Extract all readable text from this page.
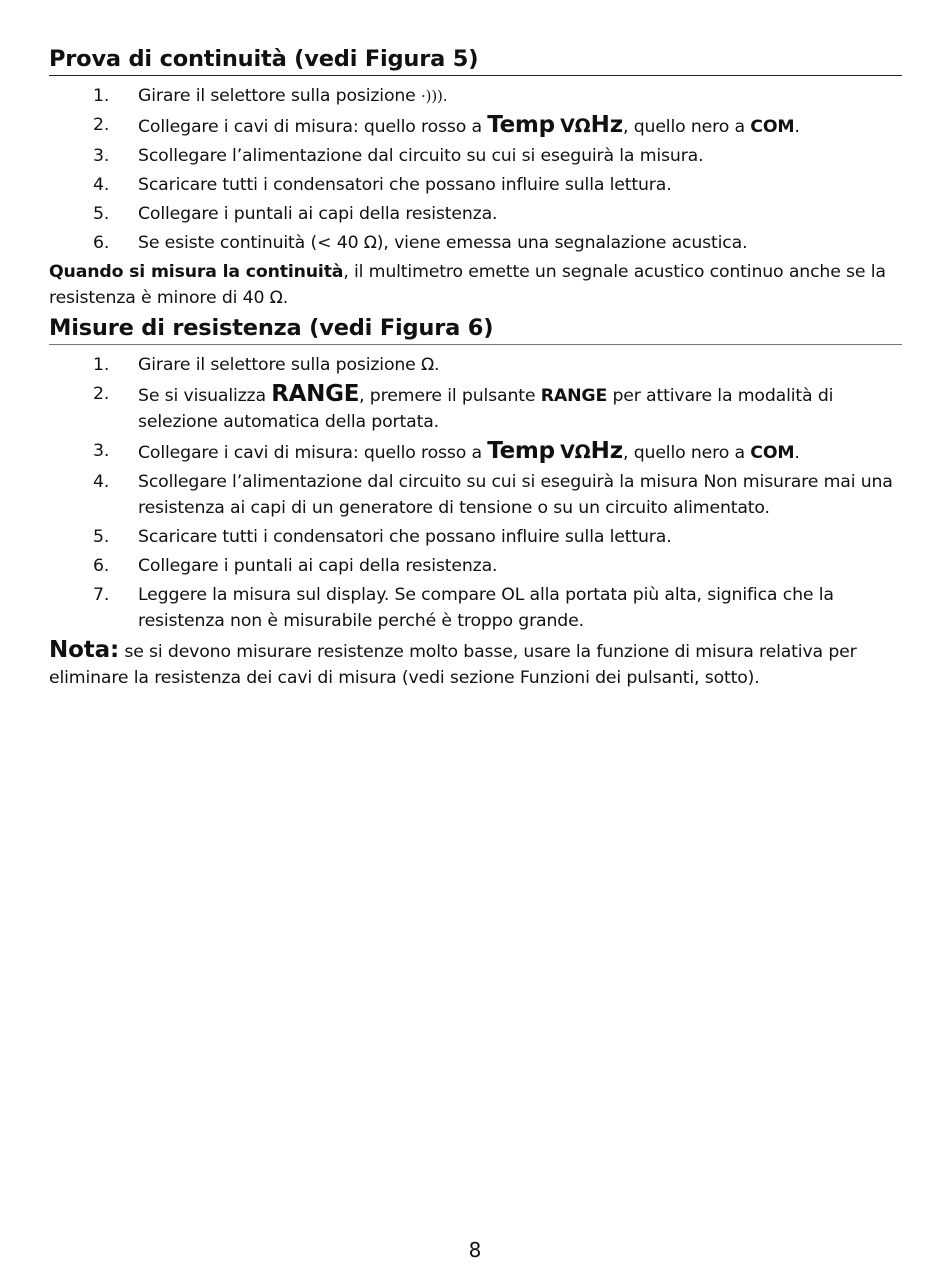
Prova di continuità (vedi Figura 5)
1. Girare il selettore sulla posizione ·))).
2. Collegare i cavi di misura: quello rosso a Temp VΩHz, quello nero a COM.
3. Scollegare l’alimentazione dal circuito su cui si eseguirà la misura.
4. Scaricare tutti i condensatori che possano influire sulla lettura.
5. Collegare i puntali ai capi della resistenza.
6. Se esiste continuità (< 40 Ω), viene emessa una segnalazione acustica.

Quando si misura la continuità, il multimetro emette un segnale acustico continuo anche se la resistenza è minore di 40 Ω.

Misure di resistenza (vedi Figura 6)
1. Girare il selettore sulla posizione Ω.
2. Se si visualizza RANGE, premere il pulsante RANGE per attivare la modalità di selezione automatica della portata.
3. Collegare i cavi di misura: quello rosso a Temp VΩHz, quello nero a COM.
4. Scollegare l’alimentazione dal circuito su cui si eseguirà la misura Non misurare mai una resistenza ai capi di un generatore di tensione o su un circuito alimentato.
5. Scaricare tutti i condensatori che possano influire sulla lettura.
6. Collegare i puntali ai capi della resistenza.
7. Leggere la misura sul display. Se compare OL alla portata più alta, significa che la resistenza non è misurabile perché è troppo grande.

Nota: se si devono misurare resistenze molto basse, usare la funzione di misura relativa per eliminare la resistenza dei cavi di misura (vedi sezione Funzioni dei pulsanti, sotto).

8
